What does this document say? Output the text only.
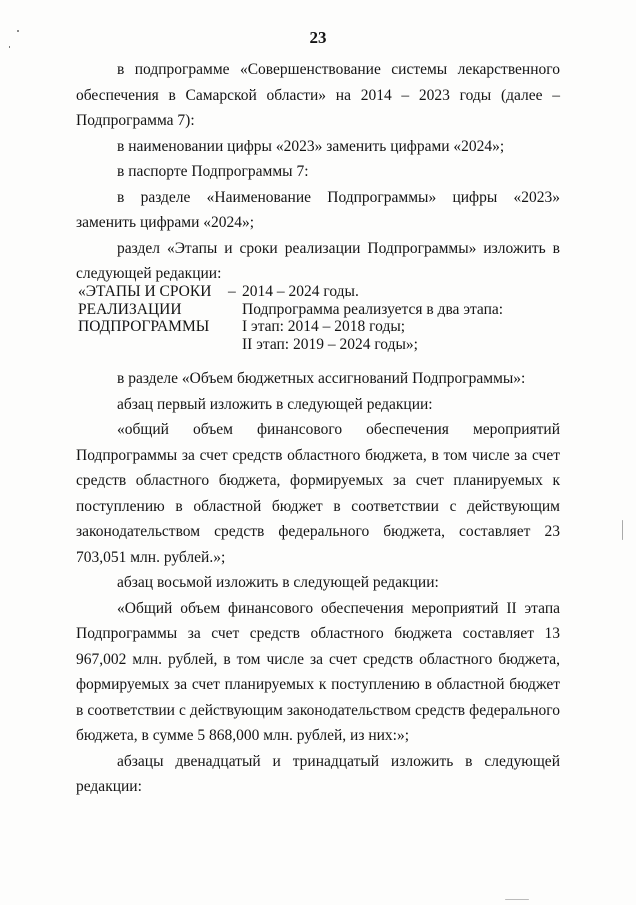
23

в подпрограмме «Совершенствование системы лекарственного обеспечения в Самарской области» на 2014 – 2023 годы (далее – Подпрограмма 7):

в наименовании цифры «2023» заменить цифрами «2024»;

в паспорте Подпрограммы 7:

в разделе «Наименование Подпрограммы» цифры «2023» заменить цифрами «2024»;

раздел «Этапы и сроки реализации Подпрограммы» изложить в следующей редакции:

«ЭТАПЫ И СРОКИ
РЕАЛИЗАЦИИ
ПОДПРОГРАММЫ
	–	2014 – 2024 годы.
Подпрограмма реализуется в два этапа:
I этап: 2014 – 2018 годы;
II этап: 2019 – 2024 годы»;

в разделе «Объем бюджетных ассигнований Подпрограммы»:

абзац первый изложить в следующей редакции:

«общий объем финансового обеспечения мероприятий Подпрограммы за счет средств областного бюджета, в том числе за счет средств областного бюджета, формируемых за счет планируемых к поступлению в областной бюджет в соответствии с действующим законодательством средств федерального бюджета, составляет 23 703,051 млн. рублей.»;

абзац восьмой изложить в следующей редакции:

«Общий объем финансового обеспечения мероприятий II этапа Подпрограммы за счет средств областного бюджета составляет 13 967,002 млн. рублей, в том числе за счет средств областного бюджета, формируемых за счет планируемых к поступлению в областной бюджет в соответствии с действующим законодательством средств федерального бюджета, в сумме 5 868,000 млн. рублей, из них:»;

абзацы двенадцатый и тринадцатый изложить в следующей редакции:
